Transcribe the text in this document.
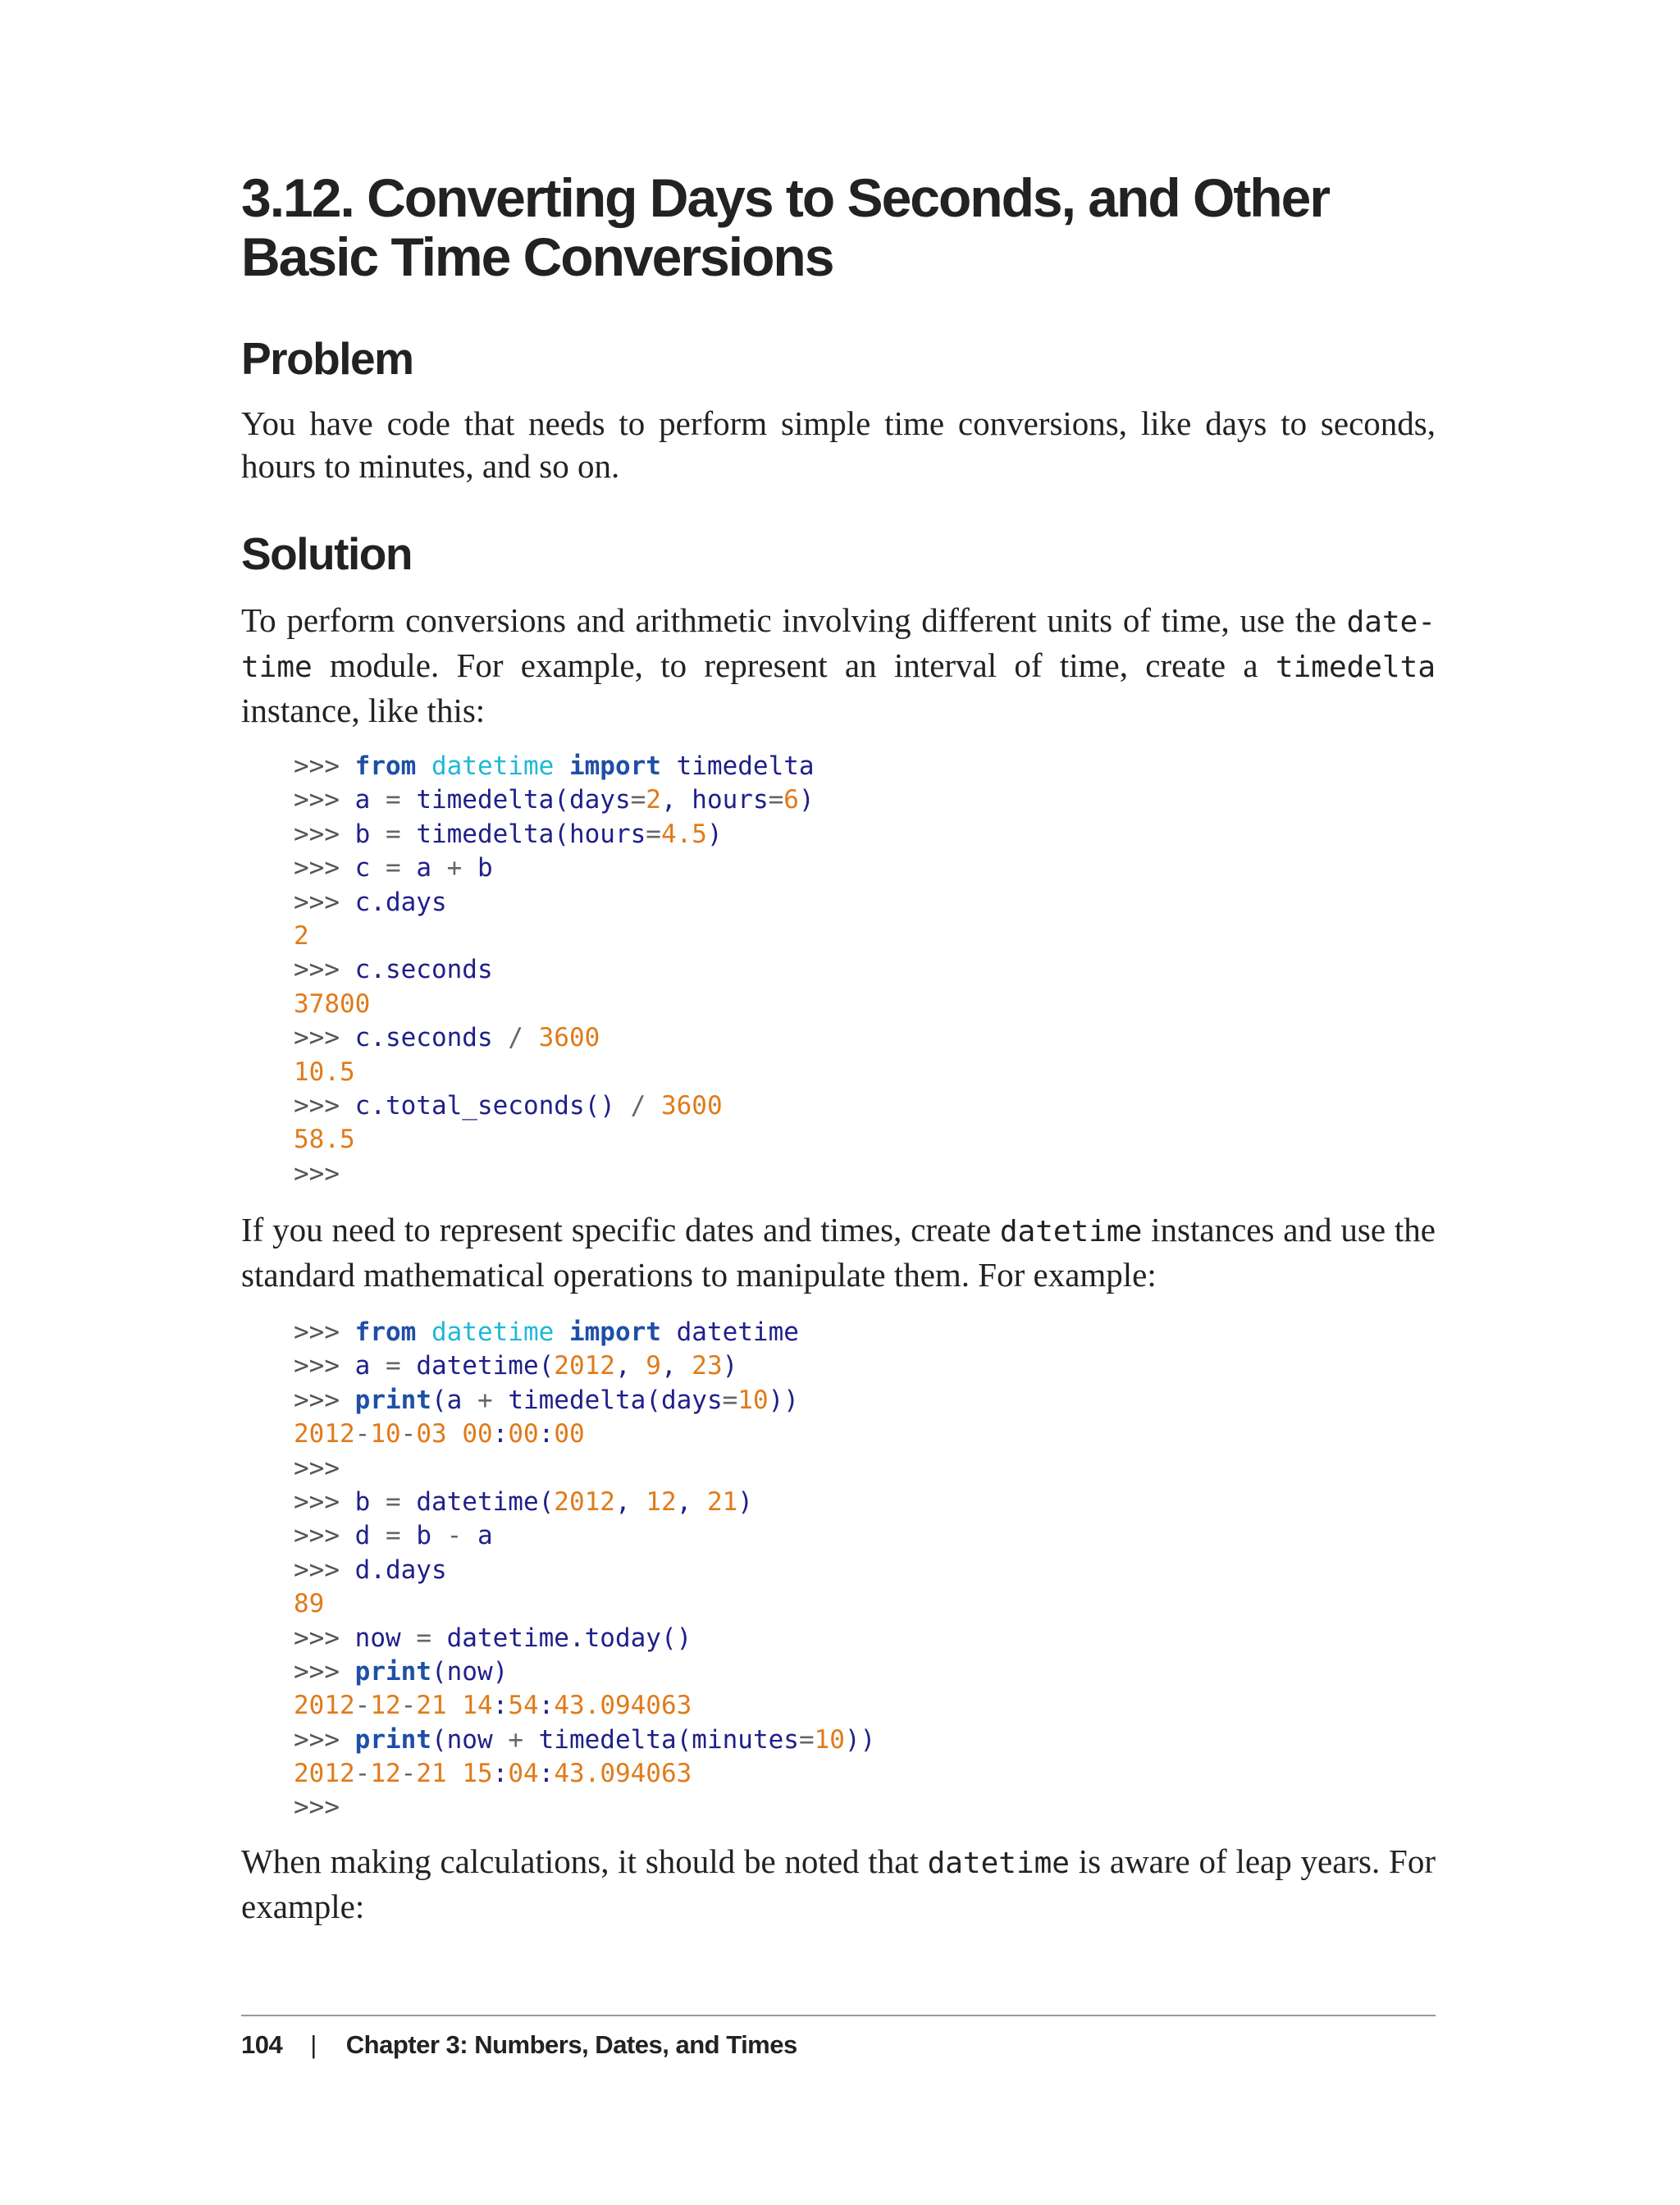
3.12. Converting Days to Seconds, and Other Basic Time Conversions
Problem

You have code that needs to perform simple time conversions, like days to seconds, hours to minutes, and so on.

Solution

To perform conversions and arithmetic involving different units of time, use the datetime module. For example, to represent an interval of time, create a timedelta instance, like this:

>>> from datetime import timedelta
>>> a = timedelta(days=2, hours=6)
>>> b = timedelta(hours=4.5)
>>> c = a + b
>>> c.days
2
>>> c.seconds
37800
>>> c.seconds / 3600
10.5
>>> c.total_seconds() / 3600
58.5
>>>

If you need to represent specific dates and times, create datetime instances and use the standard mathematical operations to manipulate them. For example:

>>> from datetime import datetime
>>> a = datetime(2012, 9, 23)
>>> print(a + timedelta(days=10))
2012-10-03 00:00:00
>>>
>>> b = datetime(2012, 12, 21)
>>> d = b - a
>>> d.days
89
>>> now = datetime.today()
>>> print(now)
2012-12-21 14:54:43.094063
>>> print(now + timedelta(minutes=10))
2012-12-21 15:04:43.094063
>>>

When making calculations, it should be noted that datetime is aware of leap years. For example:

104 | Chapter 3: Numbers, Dates, and Times
